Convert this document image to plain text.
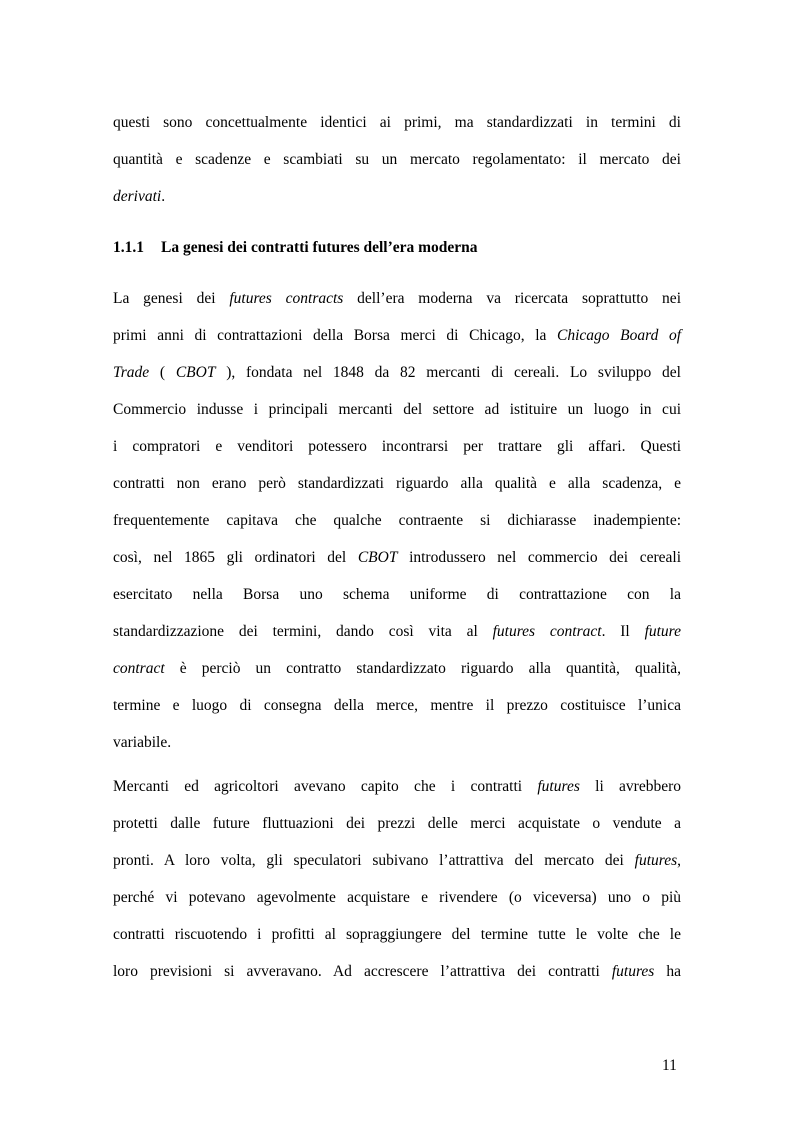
questi sono concettualmente identici ai primi, ma standardizzati in termini di
quantità e scadenze e scambiati su un mercato regolamentato: il mercato dei
derivati.
1.1.1 La genesi dei contratti futures dell’era moderna
La genesi dei futures contracts dell’era moderna va ricercata soprattutto nei
primi anni di contrattazioni della Borsa merci di Chicago, la Chicago Board of
Trade ( CBOT ), fondata nel 1848 da 82 mercanti di cereali. Lo sviluppo del
Commercio indusse i principali mercanti del settore ad istituire un luogo in cui
i compratori e venditori potessero incontrarsi per trattare gli affari. Questi
contratti non erano però standardizzati riguardo alla qualità e alla scadenza, e
frequentemente capitava che qualche contraente si dichiarasse inadempiente:
così, nel 1865 gli ordinatori del CBOT introdussero nel commercio dei cereali
esercitato nella Borsa uno schema uniforme di contrattazione con la
standardizzazione dei termini, dando così vita al futures contract. Il future
contract è perciò un contratto standardizzato riguardo alla quantità, qualità,
termine e luogo di consegna della merce, mentre il prezzo costituisce l’unica
variabile.
Mercanti ed agricoltori avevano capito che i contratti futures li avrebbero
protetti dalle future fluttuazioni dei prezzi delle merci acquistate o vendute a
pronti. A loro volta, gli speculatori subivano l’attrattiva del mercato dei futures,
perché vi potevano agevolmente acquistare e rivendere (o viceversa) uno o più
contratti riscuotendo i profitti al sopraggiungere del termine tutte le volte che le
loro previsioni si avveravano. Ad accrescere l’attrattiva dei contratti futures ha
11
